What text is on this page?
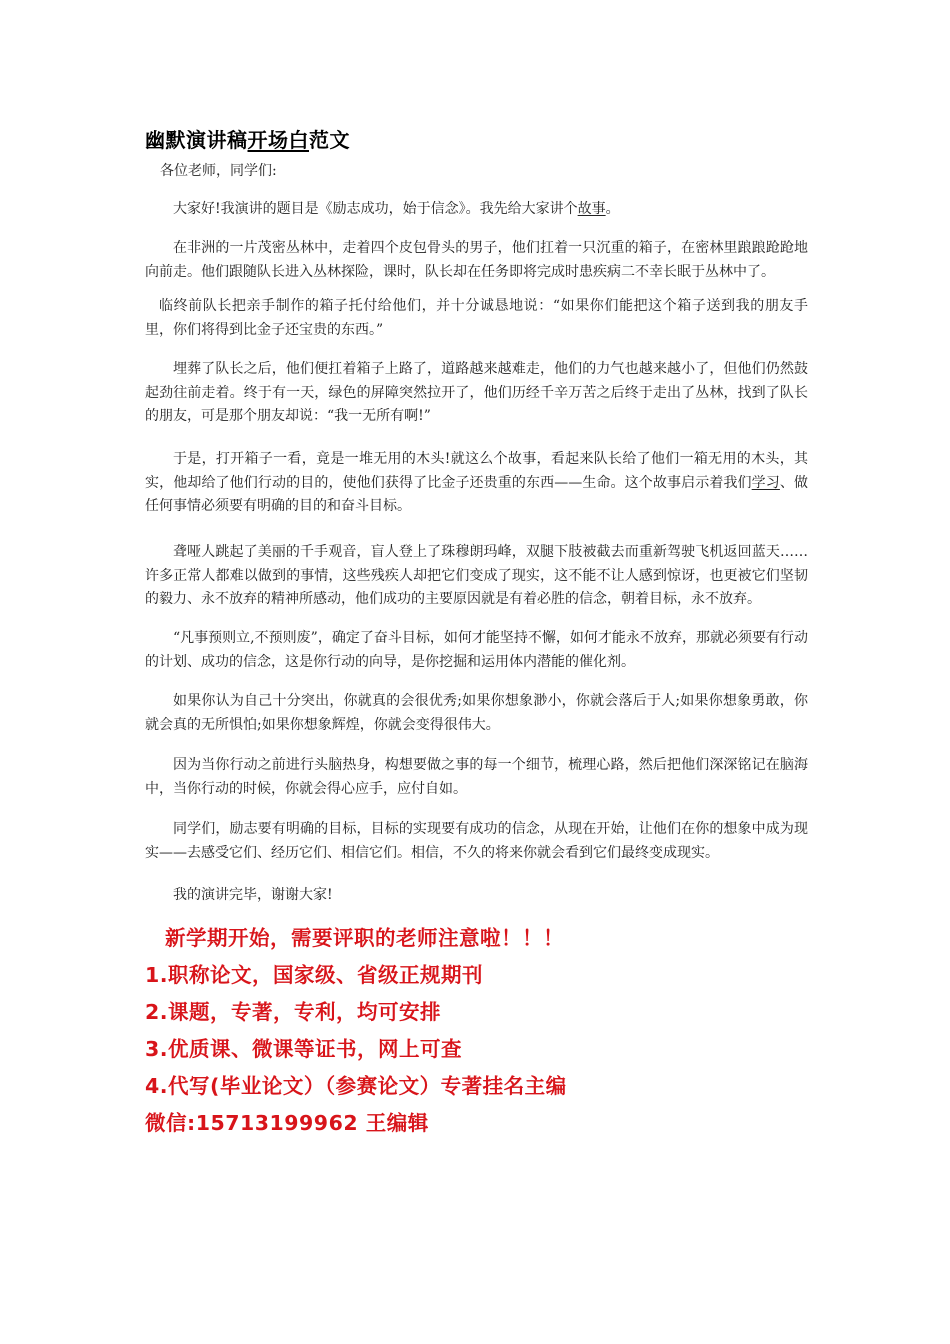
幽默演讲稿开场白范文
各位老师，同学们:
大家好!我演讲的题目是《励志成功，始于信念》。我先给大家讲个故事。
在非洲的一片茂密丛林中，走着四个皮包骨头的男子，他们扛着一只沉重的箱子，在密林里踉踉跄跄地向前走。他们跟随队长进入丛林探险，课时，队长却在任务即将完成时患疾病二不幸长眠于丛林中了。
临终前队长把亲手制作的箱子托付给他们，并十分诚恳地说：“如果你们能把这个箱子送到我的朋友手里，你们将得到比金子还宝贵的东西。”
埋葬了队长之后，他们便扛着箱子上路了，道路越来越难走，他们的力气也越来越小了，但他们仍然鼓起劲往前走着。终于有一天，绿色的屏障突然拉开了，他们历经千辛万苦之后终于走出了丛林，找到了队长的朋友，可是那个朋友却说：“我一无所有啊!”
于是，打开箱子一看，竟是一堆无用的木头!就这么个故事，看起来队长给了他们一箱无用的木头，其实，他却给了他们行动的目的，使他们获得了比金子还贵重的东西——生命。这个故事启示着我们学习、做任何事情必须要有明确的目的和奋斗目标。
聋哑人跳起了美丽的千手观音，盲人登上了珠穆朗玛峰，双腿下肢被截去而重新驾驶飞机返回蓝天……许多正常人都难以做到的事情，这些残疾人却把它们变成了现实，这不能不让人感到惊讶，也更被它们坚韧的毅力、永不放弃的精神所感动，他们成功的主要原因就是有着必胜的信念，朝着目标，永不放弃。
“凡事预则立,不预则废”，确定了奋斗目标，如何才能坚持不懈，如何才能永不放弃，那就必须要有行动的计划、成功的信念，这是你行动的向导，是你挖掘和运用体内潜能的催化剂。
如果你认为自己十分突出，你就真的会很优秀;如果你想象渺小，你就会落后于人;如果你想象勇敢，你就会真的无所惧怕;如果你想象辉煌，你就会变得很伟大。
因为当你行动之前进行头脑热身，构想要做之事的每一个细节，梳理心路，然后把他们深深铭记在脑海中，当你行动的时候，你就会得心应手，应付自如。
同学们，励志要有明确的目标，目标的实现要有成功的信念，从现在开始，让他们在你的想象中成为现实——去感受它们、经历它们、相信它们。相信，不久的将来你就会看到它们最终变成现实。
我的演讲完毕，谢谢大家!
新学期开始，需要评职的老师注意啦！！！
1.职称论文，国家级、省级正规期刊
2.课题，专著，专利，均可安排
3.优质课、微课等证书，网上可查
4.代写(毕业论文）（参赛论文）专著挂名主编
微信:15713199962 王编辑
